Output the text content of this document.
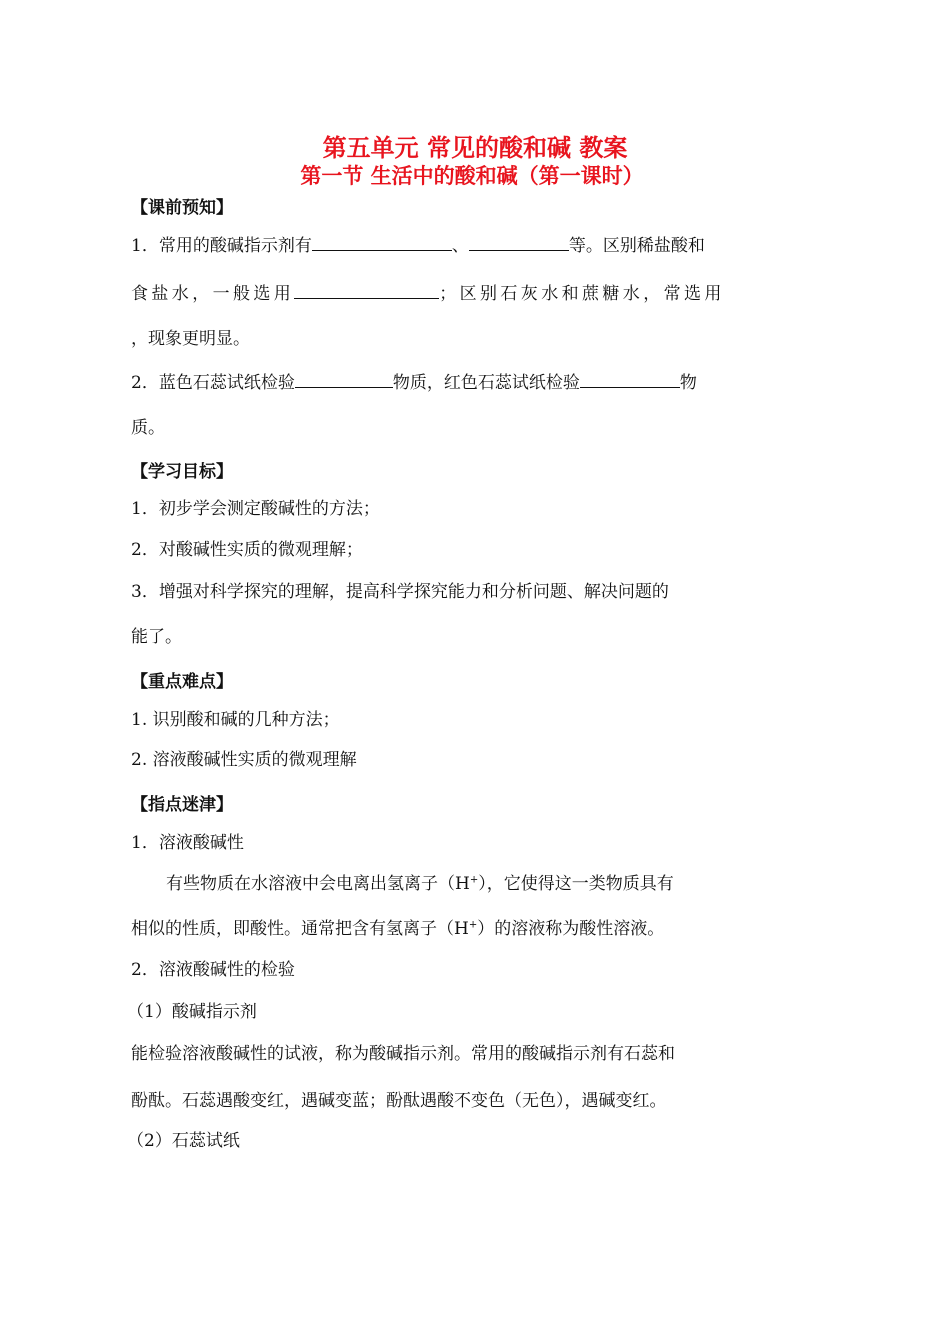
第五单元 常见的酸和碱 教案
第一节 生活中的酸和碱（第一课时）
【课前预知】
1．常用的酸碱指示剂有	、	等。区别稀盐酸和
食盐水，一般选用	；区别石灰水和蔗糖水，常选用
，现象更明显。
2．蓝色石蕊试纸检验	物质，红色石蕊试纸检验	物
质。
【学习目标】
1．初步学会测定酸碱性的方法；
2．对酸碱性实质的微观理解；
3．增强对科学探究的理解，提高科学探究能力和分析问题、解决问题的
能了。
【重点难点】
1. 识别酸和碱的几种方法；
2. 溶液酸碱性实质的微观理解
【指点迷津】
1．溶液酸碱性
有些物质在水溶液中会电离出氢离子（H+），它使得这一类物质具有
相似的性质，即酸性。通常把含有氢离子（H+）的溶液称为酸性溶液。
2．溶液酸碱性的检验
（1）酸碱指示剂
能检验溶液酸碱性的试液，称为酸碱指示剂。常用的酸碱指示剂有石蕊和
酚酞。石蕊遇酸变红，遇碱变蓝；酚酞遇酸不变色（无色），遇碱变红。
（2）石蕊试纸
